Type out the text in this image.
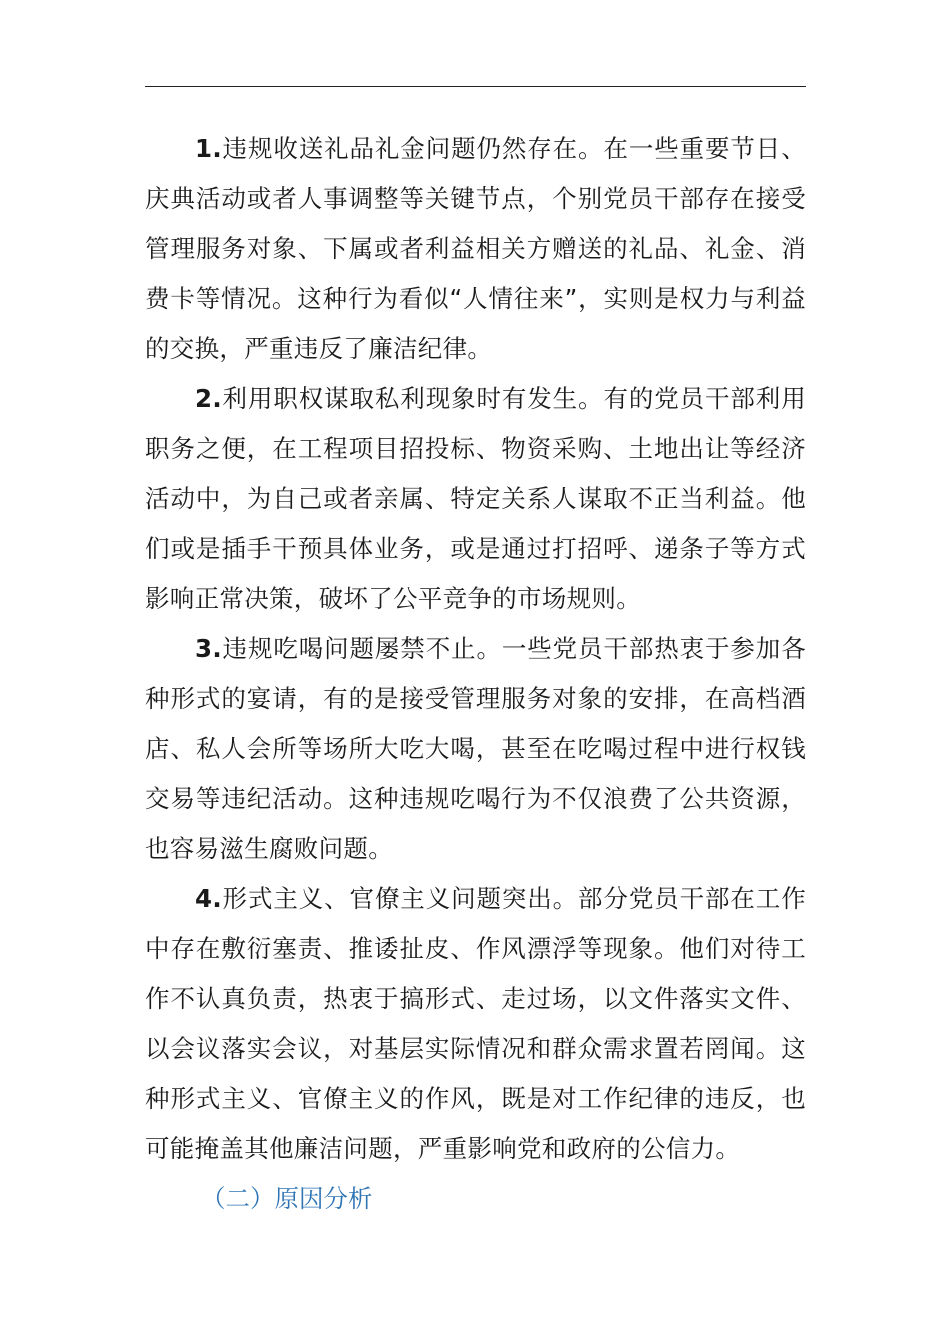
1.违规收送礼品礼金问题仍然存在。在一些重要节日、庆典活动或者人事调整等关键节点，个别党员干部存在接受管理服务对象、下属或者利益相关方赠送的礼品、礼金、消费卡等情况。这种行为看似“人情往来”，实则是权力与利益的交换，严重违反了廉洁纪律。

2.利用职权谋取私利现象时有发生。有的党员干部利用职务之便，在工程项目招投标、物资采购、土地出让等经济活动中，为自己或者亲属、特定关系人谋取不正当利益。他们或是插手干预具体业务，或是通过打招呼、递条子等方式影响正常决策，破坏了公平竞争的市场规则。

3.违规吃喝问题屡禁不止。一些党员干部热衷于参加各种形式的宴请，有的是接受管理服务对象的安排，在高档酒店、私人会所等场所大吃大喝，甚至在吃喝过程中进行权钱交易等违纪活动。这种违规吃喝行为不仅浪费了公共资源，也容易滋生腐败问题。

4.形式主义、官僚主义问题突出。部分党员干部在工作中存在敷衍塞责、推诿扯皮、作风漂浮等现象。他们对待工作不认真负责，热衷于搞形式、走过场，以文件落实文件、以会议落实会议，对基层实际情况和群众需求置若罔闻。这种形式主义、官僚主义的作风，既是对工作纪律的违反，也可能掩盖其他廉洁问题，严重影响党和政府的公信力。

（二）原因分析
